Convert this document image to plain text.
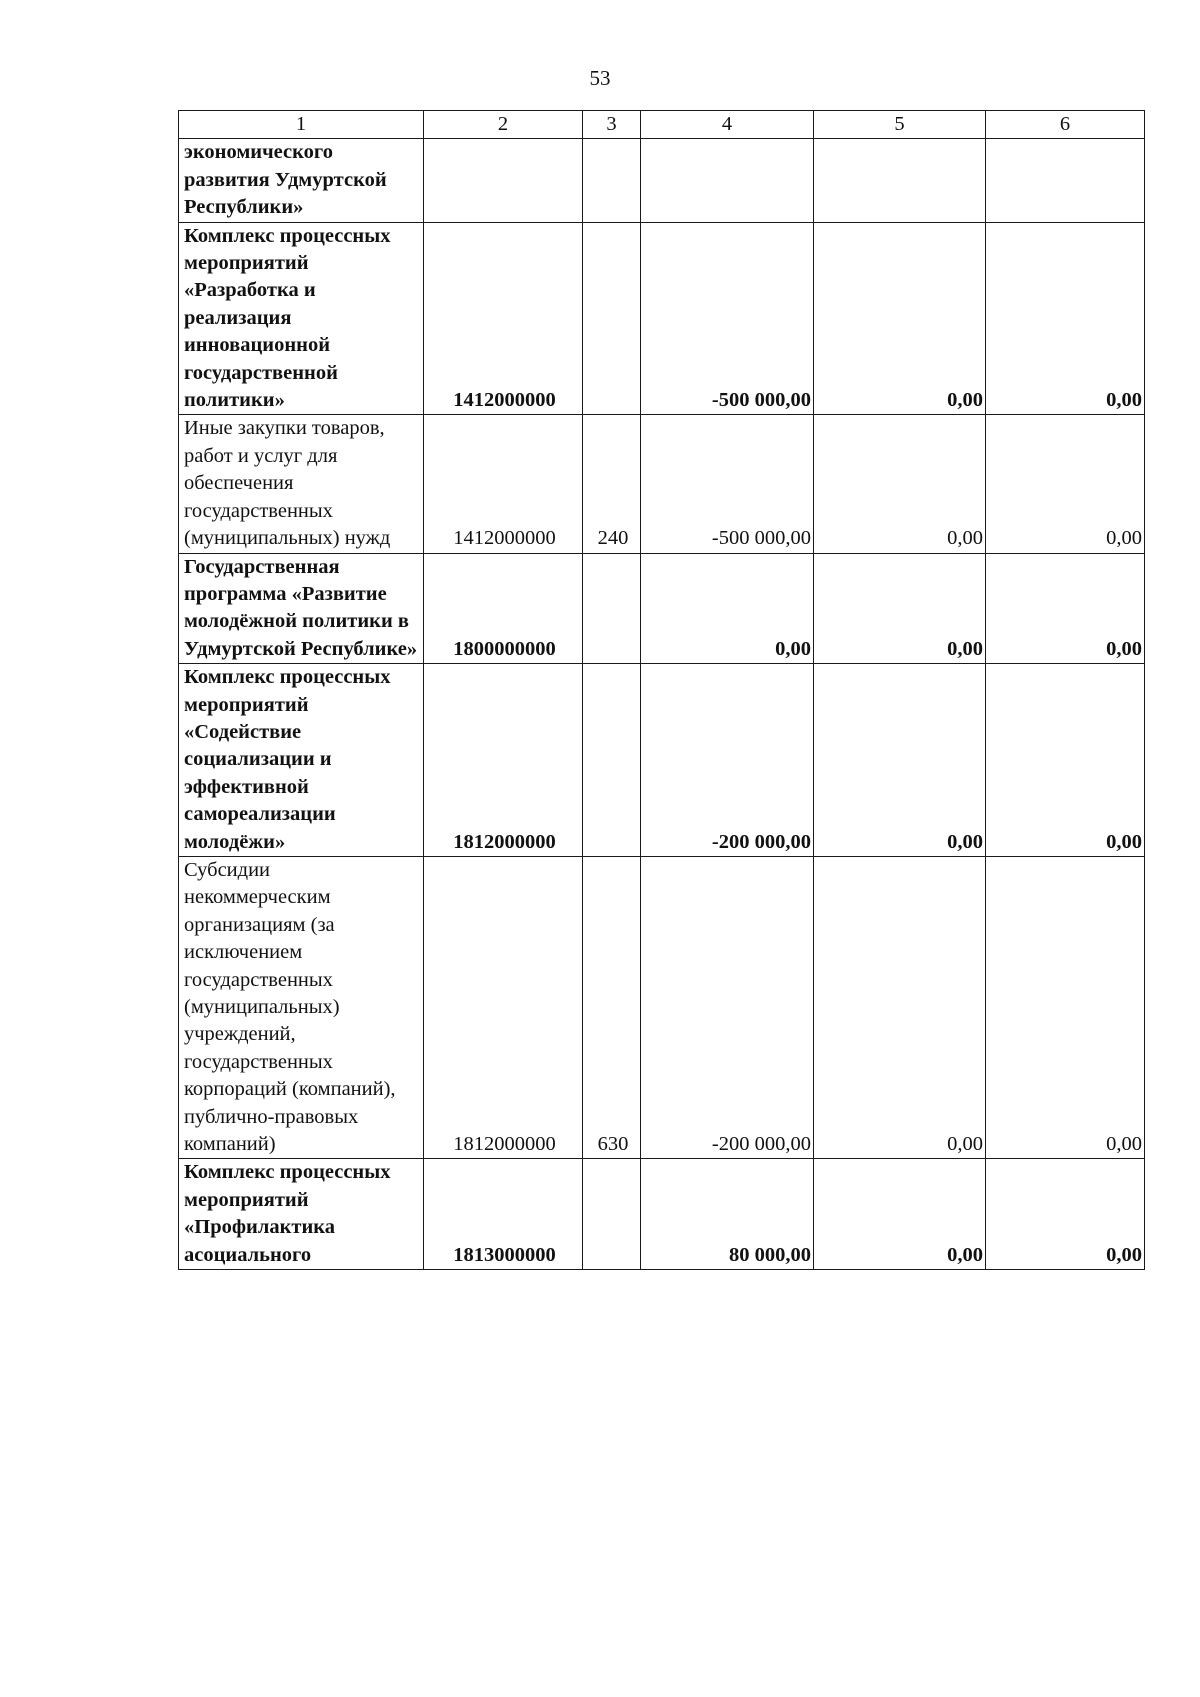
53
1	2	3	4	5	6
экономического развития Удмуртской Республики»					
Комплекс процессных мероприятий «Разработка и реализация инновационной государственной политики»	1412000000		-500 000,00	0,00	0,00
Иные закупки товаров, работ и услуг для обеспечения государственных (муниципальных) нужд	1412000000	240	-500 000,00	0,00	0,00
Государственная программа «Развитие молодёжной политики в Удмуртской Республике»	1800000000		0,00	0,00	0,00
Комплекс процессных мероприятий «Содействие социализации и эффективной самореализации молодёжи»	1812000000		-200 000,00	0,00	0,00
Субсидии некоммерческим организациям (за исключением государственных (муниципальных) учреждений, государственных корпораций (компаний), публично-правовых компаний)	1812000000	630	-200 000,00	0,00	0,00
Комплекс процессных мероприятий «Профилактика асоциального	1813000000		80 000,00	0,00	0,00
